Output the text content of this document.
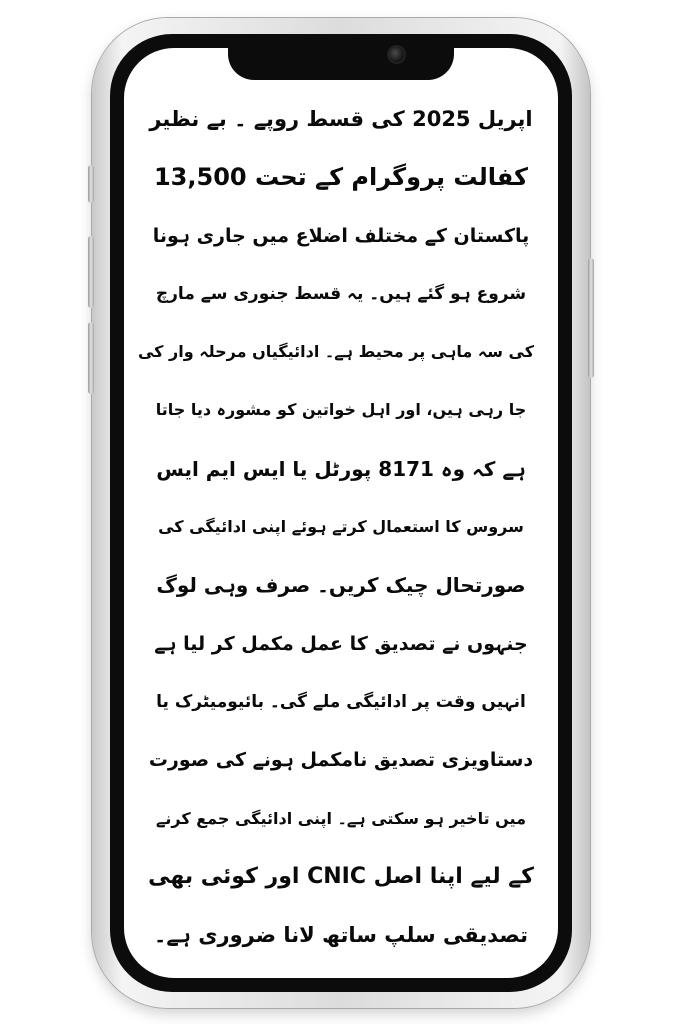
اپریل 2025 کی قسط روپے ۔ بے نظیر
کفالت پروگرام کے تحت 13,500
پاکستان کے مختلف اضلاع میں جاری ہونا
شروع ہو گئے ہیں۔ یہ قسط جنوری سے مارچ
کی سہ ماہی پر محیط ہے۔ ادائیگیاں مرحلہ وار کی
جا رہی ہیں، اور اہل خواتین کو مشورہ دیا جاتا
ہے کہ وہ 8171 پورٹل یا ایس ایم ایس
سروس کا استعمال کرتے ہوئے اپنی ادائیگی کی
صورتحال چیک کریں۔ صرف وہی لوگ
جنہوں نے تصدیق کا عمل مکمل کر لیا ہے
انہیں وقت پر ادائیگی ملے گی۔ بائیومیٹرک یا
دستاویزی تصدیق نامکمل ہونے کی صورت
میں تاخیر ہو سکتی ہے۔ اپنی ادائیگی جمع کرنے
کے لیے اپنا اصل CNIC اور کوئی بھی
تصدیقی سلپ ساتھ لانا ضروری ہے۔
